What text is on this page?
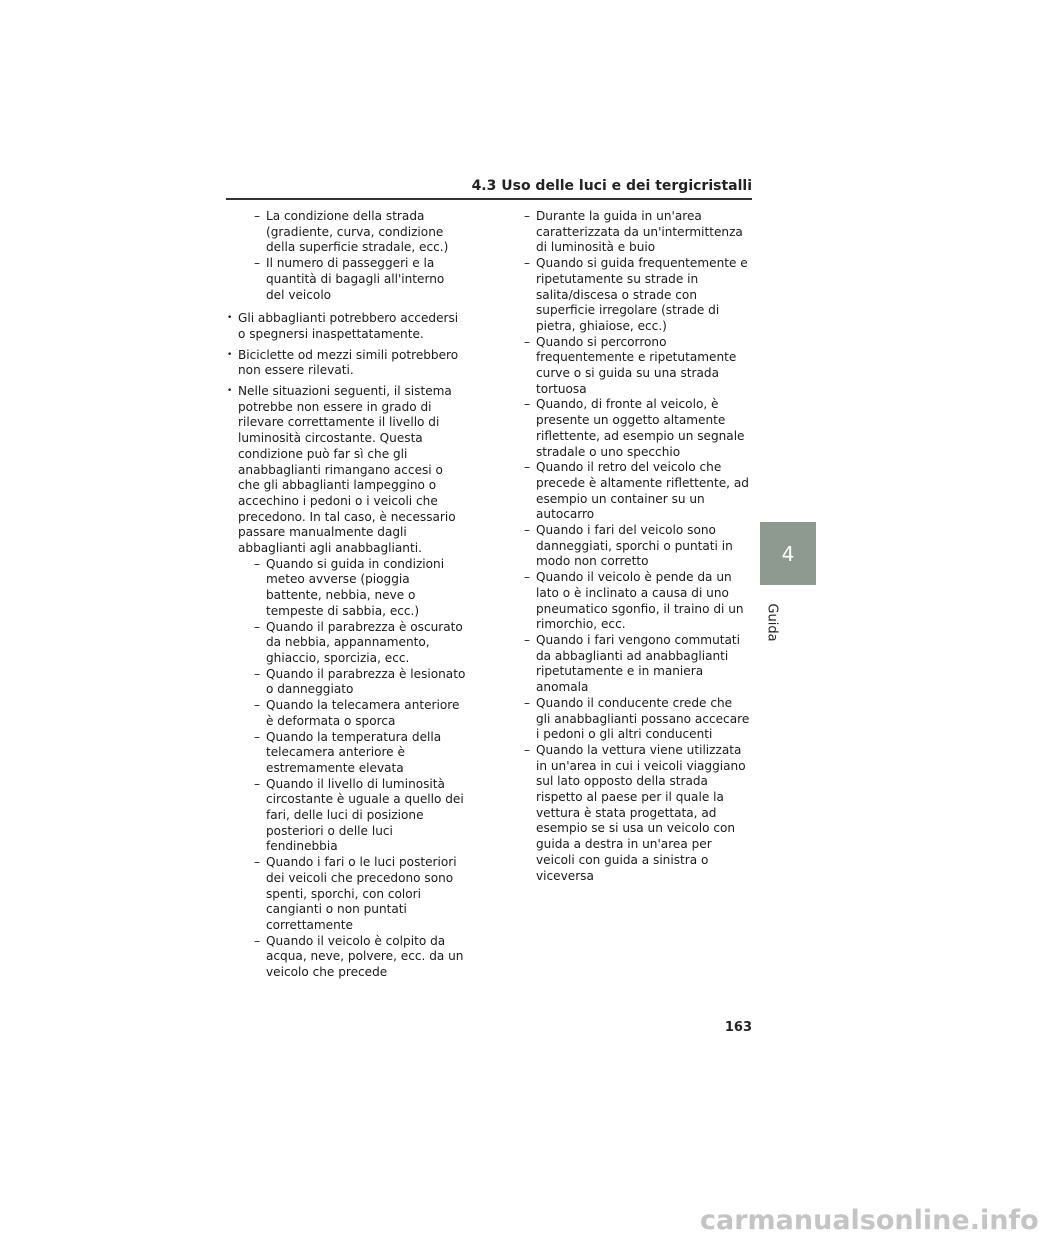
4.3 Uso delle luci e dei tergicristalli
– La condizione della strada (gradiente, curva, condizione della superficie stradale, ecc.)
– Il numero di passeggeri e la quantità di bagagli all'interno del veicolo
• Gli abbaglianti potrebbero accedersi o spegnersi inaspettatamente.
• Biciclette od mezzi simili potrebbero non essere rilevati.
• Nelle situazioni seguenti, il sistema potrebbe non essere in grado di rilevare correttamente il livello di luminosità circostante. Questa condizione può far sì che gli anabbaglianti rimangano accesi o che gli abbaglianti lampeggino o accechino i pedoni o i veicoli che precedono. In tal caso, è necessario passare manualmente dagli abbaglianti agli anabbaglianti.
– Quando si guida in condizioni meteo avverse (pioggia battente, nebbia, neve o tempeste di sabbia, ecc.)
– Quando il parabrezza è oscurato da nebbia, appannamento, ghiaccio, sporcizia, ecc.
– Quando il parabrezza è lesionato o danneggiato
– Quando la telecamera anteriore è deformata o sporca
– Quando la temperatura della telecamera anteriore è estremamente elevata
– Quando il livello di luminosità circostante è uguale a quello dei fari, delle luci di posizione posteriori o delle luci fendinebbia
– Quando i fari o le luci posteriori dei veicoli che precedono sono spenti, sporchi, con colori cangianti o non puntati correttamente
– Quando il veicolo è colpito da acqua, neve, polvere, ecc. da un veicolo che precede
– Durante la guida in un'area caratterizzata da un'intermittenza di luminosità e buio
– Quando si guida frequentemente e ripetutamente su strade in salita/discesa o strade con superficie irregolare (strade di pietra, ghiaiose, ecc.)
– Quando si percorrono frequentemente e ripetutamente curve o si guida su una strada tortuosa
– Quando, di fronte al veicolo, è presente un oggetto altamente riflettente, ad esempio un segnale stradale o uno specchio
– Quando il retro del veicolo che precede è altamente riflettente, ad esempio un container su un autocarro
– Quando i fari del veicolo sono danneggiati, sporchi o puntati in modo non corretto
– Quando il veicolo è pende da un lato o è inclinato a causa di uno pneumatico sgonfio, il traino di un rimorchio, ecc.
– Quando i fari vengono commutati da abbaglianti ad anabbaglianti ripetutamente e in maniera anomala
– Quando il conducente crede che gli anabbaglianti possano accecare i pedoni o gli altri conducenti
– Quando la vettura viene utilizzata in un'area in cui i veicoli viaggiano sul lato opposto della strada rispetto al paese per il quale la vettura è stata progettata, ad esempio se si usa un veicolo con guida a destra in un'area per veicoli con guida a sinistra o viceversa
4
Guida
163
carmanualsonline.info
